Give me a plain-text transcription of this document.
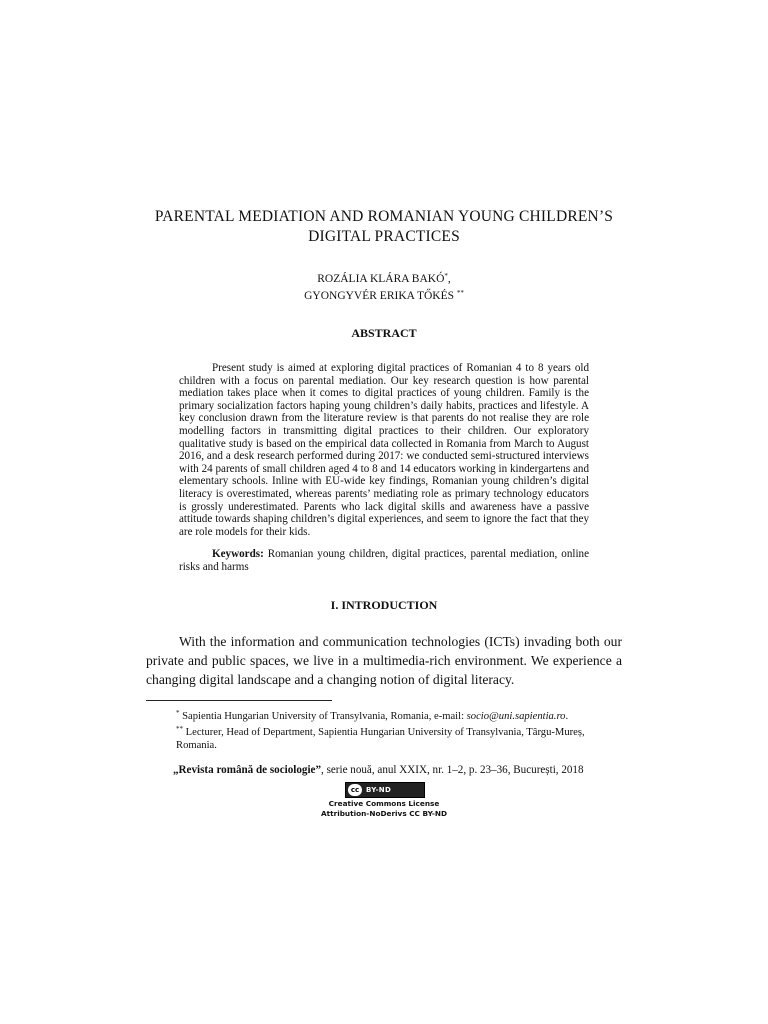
PARENTAL MEDIATION AND ROMANIAN YOUNG CHILDREN’S
DIGITAL PRACTICES
ROZÁLIA KLÁRA BAKÓ*,
GYONGYVÉR ERIKA TŐKÉS **
ABSTRACT

Present study is aimed at exploring digital practices of Romanian 4 to 8 years old children with a focus on parental mediation. Our key research question is how parental mediation takes place when it comes to digital practices of young children. Family is the primary socialization factors haping young children’s daily habits, practices and lifestyle. A key conclusion drawn from the literature review is that parents do not realise they are role modelling factors in transmitting digital practices to their children. Our exploratory qualitative study is based on the empirical data collected in Romania from March to August 2016, and a desk research performed during 2017: we conducted semi-structured interviews with 24 parents of small children aged 4 to 8 and 14 educators working in kindergartens and elementary schools. Inline with EU-wide key findings, Romanian young children’s digital literacy is overestimated, whereas parents’ mediating role as primary technology educators is grossly underestimated. Parents who lack digital skills and awareness have a passive attitude towards shaping children’s digital experiences, and seem to ignore the fact that they are role models for their kids.

Keywords: Romanian young children, digital practices, parental mediation, online risks and harms
I. INTRODUCTION

With the information and communication technologies (ICTs) invading both our private and public spaces, we live in a multimedia-rich environment. We experience a changing digital landscape and a changing notion of digital literacy.

* Sapientia Hungarian University of Transylvania, Romania, e-mail: socio@uni.sapientia.ro.
** Lecturer, Head of Department, Sapientia Hungarian University of Transylvania, Târgu-Mureș,
Romania.
„Revista română de sociologie”, serie nouă, anul XXIX, nr. 1–2, p. 23–36, București, 2018
cc BY-ND
Creative Commons License
Attribution-NoDerivs CC BY-ND
